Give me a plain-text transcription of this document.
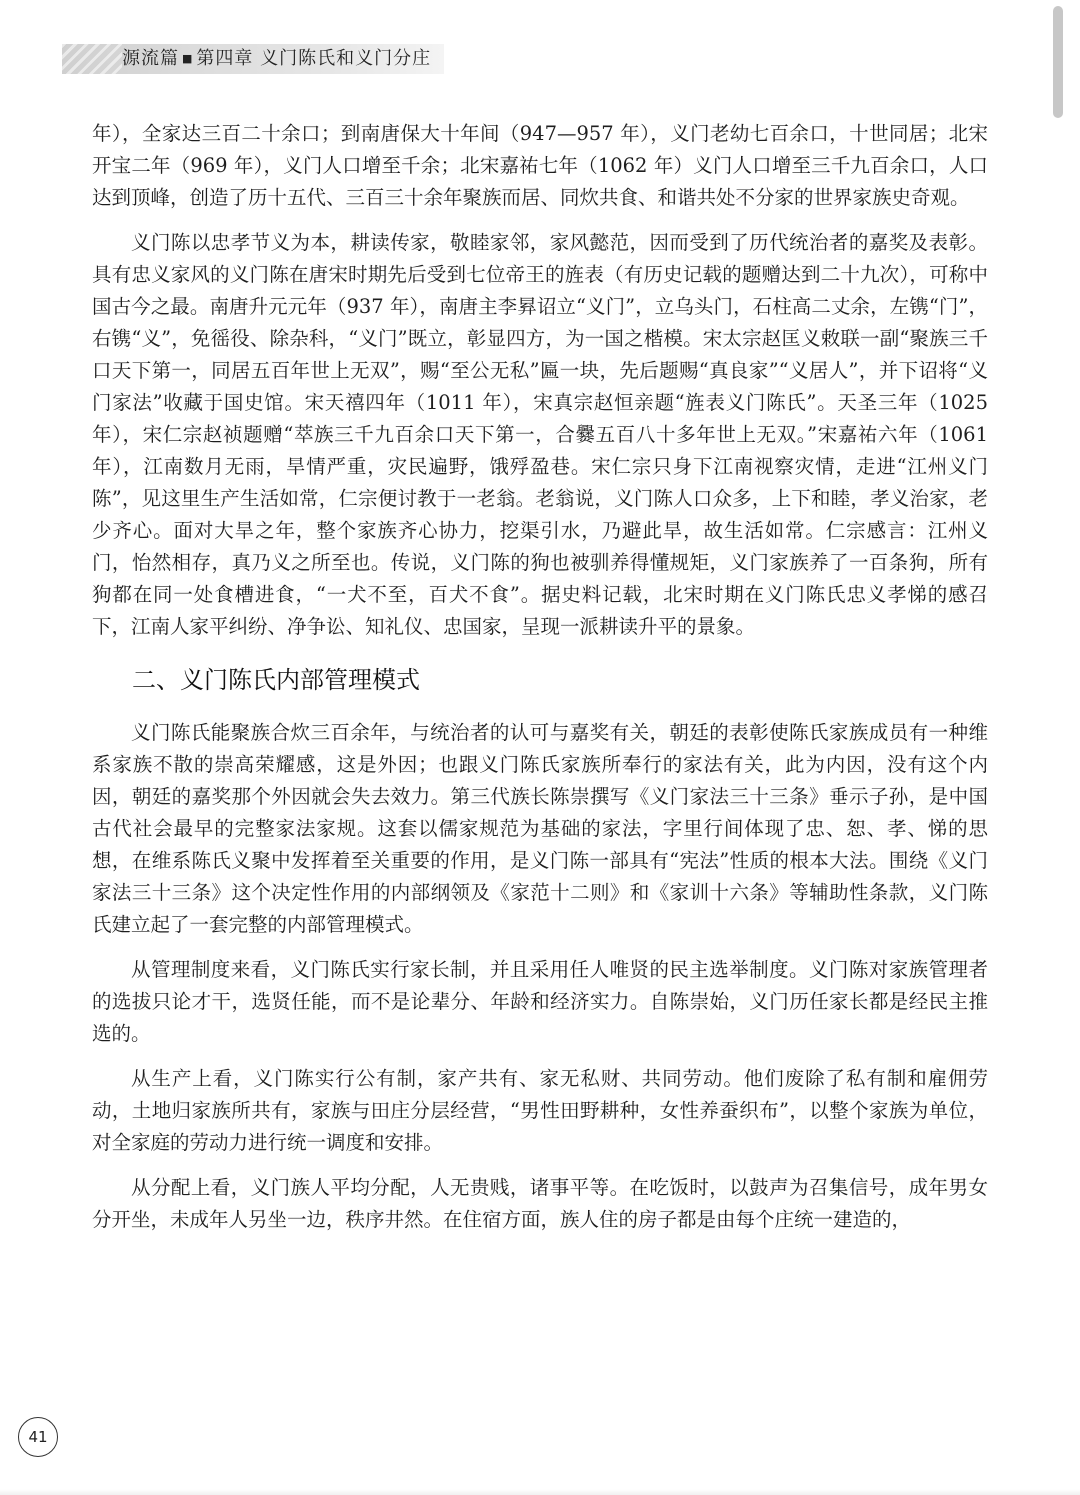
源流篇 ■ 第四章 义门陈氏和义门分庄

年），全家达三百二十余口；到南唐保大十年间（947—957 年），义门老幼七百余口，十世同居；北宋开宝二年（969 年），义门人口增至千余；北宋嘉祐七年（1062 年）义门人口增至三千九百余口，人口达到顶峰，创造了历十五代、三百三十余年聚族而居、同炊共食、和谐共处不分家的世界家族史奇观。

义门陈以忠孝节义为本，耕读传家，敬睦家邻，家风懿范，因而受到了历代统治者的嘉奖及表彰。具有忠义家风的义门陈在唐宋时期先后受到七位帝王的旌表（有历史记载的题赠达到二十九次），可称中国古今之最。南唐升元元年（937 年），南唐主李昪诏立“义门”，立乌头门，石柱高二丈余，左镌“门”，右镌“义”，免徭役、除杂科，“义门”既立，彰显四方，为一国之楷模。宋太宗赵匡义敕联一副“聚族三千口天下第一，同居五百年世上无双”，赐“至公无私”匾一块，先后题赐“真良家”“义居人”，并下诏将“义门家法”收藏于国史馆。宋天禧四年（1011 年），宋真宗赵恒亲题“旌表义门陈氏”。天圣三年（1025 年），宋仁宗赵祯题赠“萃族三千九百余口天下第一，合爨五百八十多年世上无双。”宋嘉祐六年（1061 年），江南数月无雨，旱情严重，灾民遍野，饿殍盈巷。宋仁宗只身下江南视察灾情，走进“江州义门陈”，见这里生产生活如常，仁宗便讨教于一老翁。老翁说，义门陈人口众多，上下和睦，孝义治家，老少齐心。面对大旱之年，整个家族齐心协力，挖渠引水，乃避此旱，故生活如常。仁宗感言：江州义门，怡然相存，真乃义之所至也。传说，义门陈的狗也被驯养得懂规矩，义门家族养了一百条狗，所有狗都在同一处食槽进食，“一犬不至，百犬不食”。据史料记载，北宋时期在义门陈氏忠义孝悌的感召下，江南人家平纠纷、净争讼、知礼仪、忠国家，呈现一派耕读升平的景象。

二、义门陈氏内部管理模式

义门陈氏能聚族合炊三百余年，与统治者的认可与嘉奖有关，朝廷的表彰使陈氏家族成员有一种维系家族不散的崇高荣耀感，这是外因；也跟义门陈氏家族所奉行的家法有关，此为内因，没有这个内因，朝廷的嘉奖那个外因就会失去效力。第三代族长陈崇撰写《义门家法三十三条》垂示子孙，是中国古代社会最早的完整家法家规。这套以儒家规范为基础的家法，字里行间体现了忠、恕、孝、悌的思想，在维系陈氏义聚中发挥着至关重要的作用，是义门陈一部具有“宪法”性质的根本大法。围绕《义门家法三十三条》这个决定性作用的内部纲领及《家范十二则》和《家训十六条》等辅助性条款，义门陈氏建立起了一套完整的内部管理模式。

从管理制度来看，义门陈氏实行家长制，并且采用任人唯贤的民主选举制度。义门陈对家族管理者的选拔只论才干，选贤任能，而不是论辈分、年龄和经济实力。自陈崇始，义门历任家长都是经民主推选的。

从生产上看，义门陈实行公有制，家产共有、家无私财、共同劳动。他们废除了私有制和雇佣劳动，土地归家族所共有，家族与田庄分层经营，“男性田野耕种，女性养蚕织布”，以整个家族为单位，对全家庭的劳动力进行统一调度和安排。

从分配上看，义门族人平均分配，人无贵贱，诸事平等。在吃饭时，以鼓声为召集信号，成年男女分开坐，未成年人另坐一边，秩序井然。在住宿方面，族人住的房子都是由每个庄统一建造的，

41
